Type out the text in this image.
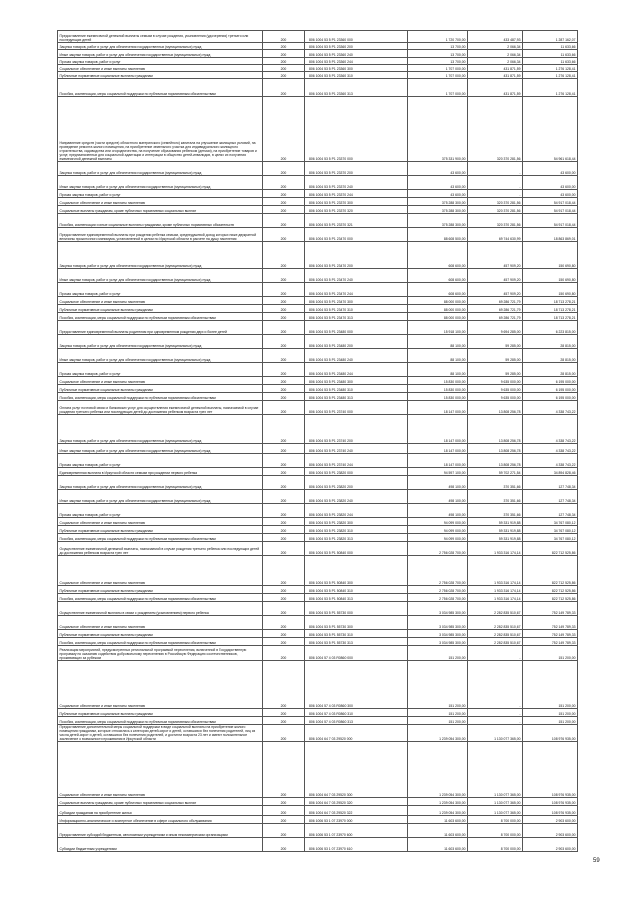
Предоставление ежемесячной денежной выплаты семьям в случае рождения, усыновления (удочерения) третьего или последующих детей	200	806 1004 53 5 P1 23360 000	1 720 700,00	433 487,93	1 287 162,07
Закупка товаров, работ и услуг для обеспечения государственных (муниципальных) нужд	200	806 1004 53 5 P1 23360 200	13 700,00	2 066,34	11 633,66
Иные закупки товаров, работ и услуг для обеспечения государственных (муниципальных) нужд	200	806 1004 53 5 P1 23360 240	13 700,00	2 066,34	11 633,66
Прочая закупка товаров, работ и услуг	200	806 1004 53 5 P1 23360 244	13 700,00	2 066,34	11 633,66
Социальное обеспечение и иные выплаты населению	200	806 1004 53 5 P1 23360 300	1 707 000,00	431 871,59	1 276 128,41
Публичные нормативные социальные выплаты гражданам	200	806 1004 53 5 P1 23360 310	1 707 000,00	431 871,59	1 276 128,41
Пособия, компенсации, меры социальной поддержки по публичным нормативным обязательствам	200	806 1004 53 5 P1 23360 313	1 707 000,00	431 871,59	1 276 128,41
Направление средств (части средств) областного материнского (семейного) капитала на улучшение жилищных условий, на проведение ремонта жилого помещения, на приобретение земельного участка для индивидуального жилищного строительства, садоводства или огородничества, на получение образования ребенком (детьми), на приобретение товаров и услуг, предназначенных для социальной адаптации и интеграции в общество детей-инвалидов, в целях их получения ежемесячной денежной выплаты	200	806 1004 53 5 P1 23370 000	375 331 900,00	320 370 281,56	54 961 618,44
Закупка товаров, работ и услуг для обеспечения государственных (муниципальных) нужд	200	806 1004 53 5 P1 23370 200	43 600,00	-	43 600,00
Иные закупки товаров, работ и услуг для обеспечения государственных (муниципальных) нужд	200	806 1004 53 5 P1 23370 240	43 600,00	-	43 600,00
Прочая закупка товаров, работ и услуг	200	806 1004 53 5 P1 23370 244	43 600,00	-	43 600,00
Социальное обеспечение и иные выплаты населению	200	806 1004 53 5 P1 23370 300	375 288 300,00	320 370 281,56	54 917 018,44
Социальные выплаты гражданам, кроме публичных нормативных социальных выплат	200	806 1004 53 5 P1 23370 320	375 288 300,00	320 370 281,56	54 917 018,44
Пособия, компенсации и иные социальные выплаты гражданам, кроме публичных нормативных обязательств	200	806 1004 53 5 P1 23370 321	375 288 300,00	320 370 281,56	54 917 018,44
Предоставление единовременной выплаты при рождении ребенка семьям, среднедушевой доход которых ниже двукратной величины прожиточного минимума, установленной в целом по Иркутской области в расчете на душу населения	200	806 1004 53 5 P1 23470 000	88 608 500,00	69 744 630,99	18 863 869,01
Закупка товаров, работ и услуг для обеспечения государственных (муниципальных) нужд	200	806 1004 53 5 P1 23470 200	608 600,00	457 909,20	150 690,80
Иные закупки товаров, работ и услуг для обеспечения государственных (муниципальных) нужд	200	806 1004 53 5 P1 23470 240	608 600,00	457 909,20	150 690,80
Прочая закупка товаров, работ и услуг	200	806 1004 53 5 P1 23470 244	608 600,00	457 909,20	150 690,80
Социальное обеспечение и иные выплаты населению	200	806 1004 53 5 P1 23470 300	88 000 000,00	69 286 721,79	18 713 278,21
Публичные нормативные социальные выплаты гражданам	200	806 1004 53 5 P1 23470 310	88 000 000,00	69 286 721,79	18 713 278,21
Пособия, компенсации, меры социальной поддержки по публичным нормативным обязательствам	200	806 1004 53 5 P1 23470 313	88 000 000,00	69 286 721,79	18 713 278,21
Предоставление единовременной выплаты родителям при одновременном рождении двух и более детей	200	806 1004 53 5 P1 23480 000	15 918 100,00	9 694 285,00	6 223 815,00
Закупка товаров, работ и услуг для обеспечения государственных (муниципальных) нужд	200	806 1004 53 5 P1 23480 200	88 100,00	59 285,00	28 815,00
Иные закупки товаров, работ и услуг для обеспечения государственных (муниципальных) нужд	200	806 1004 53 5 P1 23480 240	88 100,00	59 285,00	28 815,00
Прочая закупка товаров, работ и услуг	200	806 1004 53 5 P1 23480 244	88 100,00	59 285,00	28 815,00
Социальное обеспечение и иные выплаты населению	200	806 1004 53 5 P1 23480 300	15 830 000,00	9 635 000,00	6 195 000,00
Публичные нормативные социальные выплаты гражданам	200	806 1004 53 5 P1 23480 310	15 830 000,00	9 635 000,00	6 195 000,00
Пособия, компенсации, меры социальной поддержки по публичным нормативным обязательствам	200	806 1004 53 5 P1 23480 313	15 830 000,00	9 635 000,00	6 195 000,00
Оплата услуг почтовой связи и банковских услуг для осуществления ежемесячной денежной выплаты, назначаемой в случае рождения третьего ребенка или последующих детей до достижения ребенком возраста трех лет	200	806 1004 53 5 P1 23740 000	18 147 000,00	13 808 256,78	4 338 743,22
Закупка товаров, работ и услуг для обеспечения государственных (муниципальных) нужд	200	806 1004 53 5 P1 23740 200	18 147 000,00	13 808 256,78	4 338 743,22
Иные закупки товаров, работ и услуг для обеспечения государственных (муниципальных) нужд	200	806 1004 53 5 P1 23740 240	18 147 000,00	13 808 256,78	4 338 743,22
Прочая закупка товаров, работ и услуг	200	806 1004 53 5 P1 23740 244	18 147 000,00	13 808 256,78	4 338 743,22
Единовременная выплата в Иркутской области семьям при рождении первого ребенка	200	806 1004 53 5 P1 23820 000	94 597 100,00	59 702 271,54	34 894 828,46
Закупка товаров, работ и услуг для обеспечения государственных (муниципальных) нужд	200	806 1004 53 5 P1 23820 200	498 100,00	370 351,66	127 748,34
Иные закупки товаров, работ и услуг для обеспечения государственных (муниципальных) нужд	200	806 1004 53 5 P1 23820 240	498 100,00	370 351,66	127 748,34
Прочая закупка товаров, работ и услуг	200	806 1004 53 5 P1 23820 244	498 100,00	370 351,66	127 748,34
Социальное обеспечение и иные выплаты населению	200	806 1004 53 5 P1 23820 300	94 099 000,00	59 331 919,88	34 767 080,12
Публичные нормативные социальные выплаты гражданам	200	806 1004 53 5 P1 23820 310	94 099 000,00	59 331 919,88	34 767 080,12
Пособия, компенсации, меры социальной поддержки по публичным нормативным обязательствам	200	806 1004 53 5 P1 23820 313	94 099 000,00	59 331 919,88	34 767 080,12
Осуществление ежемесячной денежной выплаты, назначаемой в случае рождения третьего ребенка или последующих детей до достижения ребенком возраста трех лет	200	806 1004 53 5 P1 50840 000	2 756 028 700,00	1 933 316 174,14	822 712 525,86
Социальное обеспечение и иные выплаты населению	200	806 1004 53 5 P1 50840 300	2 756 028 700,00	1 933 316 174,14	822 712 525,86
Публичные нормативные социальные выплаты гражданам	200	806 1004 53 5 P1 50840 310	2 756 028 700,00	1 933 316 174,14	822 712 525,86
Пособия, компенсации, меры социальной поддержки по публичным нормативным обязательствам	200	806 1004 53 5 P1 50840 313	2 756 028 700,00	1 933 316 174,14	822 712 525,86
Осуществление ежемесячной выплаты в связи с рождением (усыновлением) первого ребенка	200	806 1004 53 5 P1 55730 000	3 034 985 300,00	2 282 835 510,67	752 149 789,33
Социальное обеспечение и иные выплаты населению	200	806 1004 53 5 P1 55730 300	3 034 985 300,00	2 282 835 510,67	752 149 789,33
Публичные нормативные социальные выплаты гражданам	200	806 1004 53 5 P1 55730 310	3 034 985 300,00	2 282 835 510,67	752 149 789,33
Пособия, компенсации, меры социальной поддержки по публичным нормативным обязательствам	200	806 1004 53 5 P1 55730 313	3 034 985 300,00	2 282 835 510,67	752 149 789,33
Реализация мероприятий, предусмотренных региональной программой переселения, включенной в Государственную программу по оказанию содействия добровольному переселению в Российскую Федерацию соотечественников, проживающих за рубежом	200	806 1004 57 4 03 R0860 000	151 200,00	-	151 200,00
Социальное обеспечение и иные выплаты населению	200	806 1004 57 4 03 R0860 300	151 200,00	-	151 200,00
Публичные нормативные социальные выплаты гражданам	200	806 1004 57 4 03 R0860 310	151 200,00	-	151 200,00
Пособия, компенсации, меры социальной поддержки по публичным нормативным обязательствам	200	806 1004 57 4 03 R0860 313	151 200,00	-	151 200,00
Предоставление дополнительной меры социальной поддержки в виде социальной выплаты на приобретение жилого помещения гражданам, которые относились к категории детей-сирот и детей, оставшихся без попечения родителей, лиц из числа детей-сирот и детей, оставшихся без попечения родителей, и достигли возраста 23 лет и имеют положительное заключение о возможности проживания в Иркутской области	200	806 1004 64 7 03 29520 000	1 239 054 300,00	1 130 077 365,00	108 976 935,00
Социальное обеспечение и иные выплаты населению	200	806 1004 64 7 03 29520 300	1 239 054 300,00	1 130 077 365,00	108 976 935,00
Социальные выплаты гражданам, кроме публичных нормативных социальных выплат	200	806 1004 64 7 03 29520 320	1 239 054 300,00	1 130 077 365,00	108 976 935,00
Субсидии гражданам на приобретение жилья	200	806 1004 64 7 03 29520 322	1 239 054 300,00	1 130 077 365,00	108 976 935,00
Информационно-аналитическое и экспертное обеспечение в сфере социального обслуживания	200	806 1006 53 1 07 23970 000	11 603 600,00	8 700 000,00	2 903 600,00
Предоставление субсидий бюджетным, автономным учреждениям и иным некоммерческим организациям	200	806 1006 53 1 07 23970 600	11 603 600,00	8 700 000,00	2 903 600,00
Субсидии бюджетным учреждениям	200	806 1006 53 1 07 23970 610	11 603 600,00	8 700 000,00	2 903 600,00
59
